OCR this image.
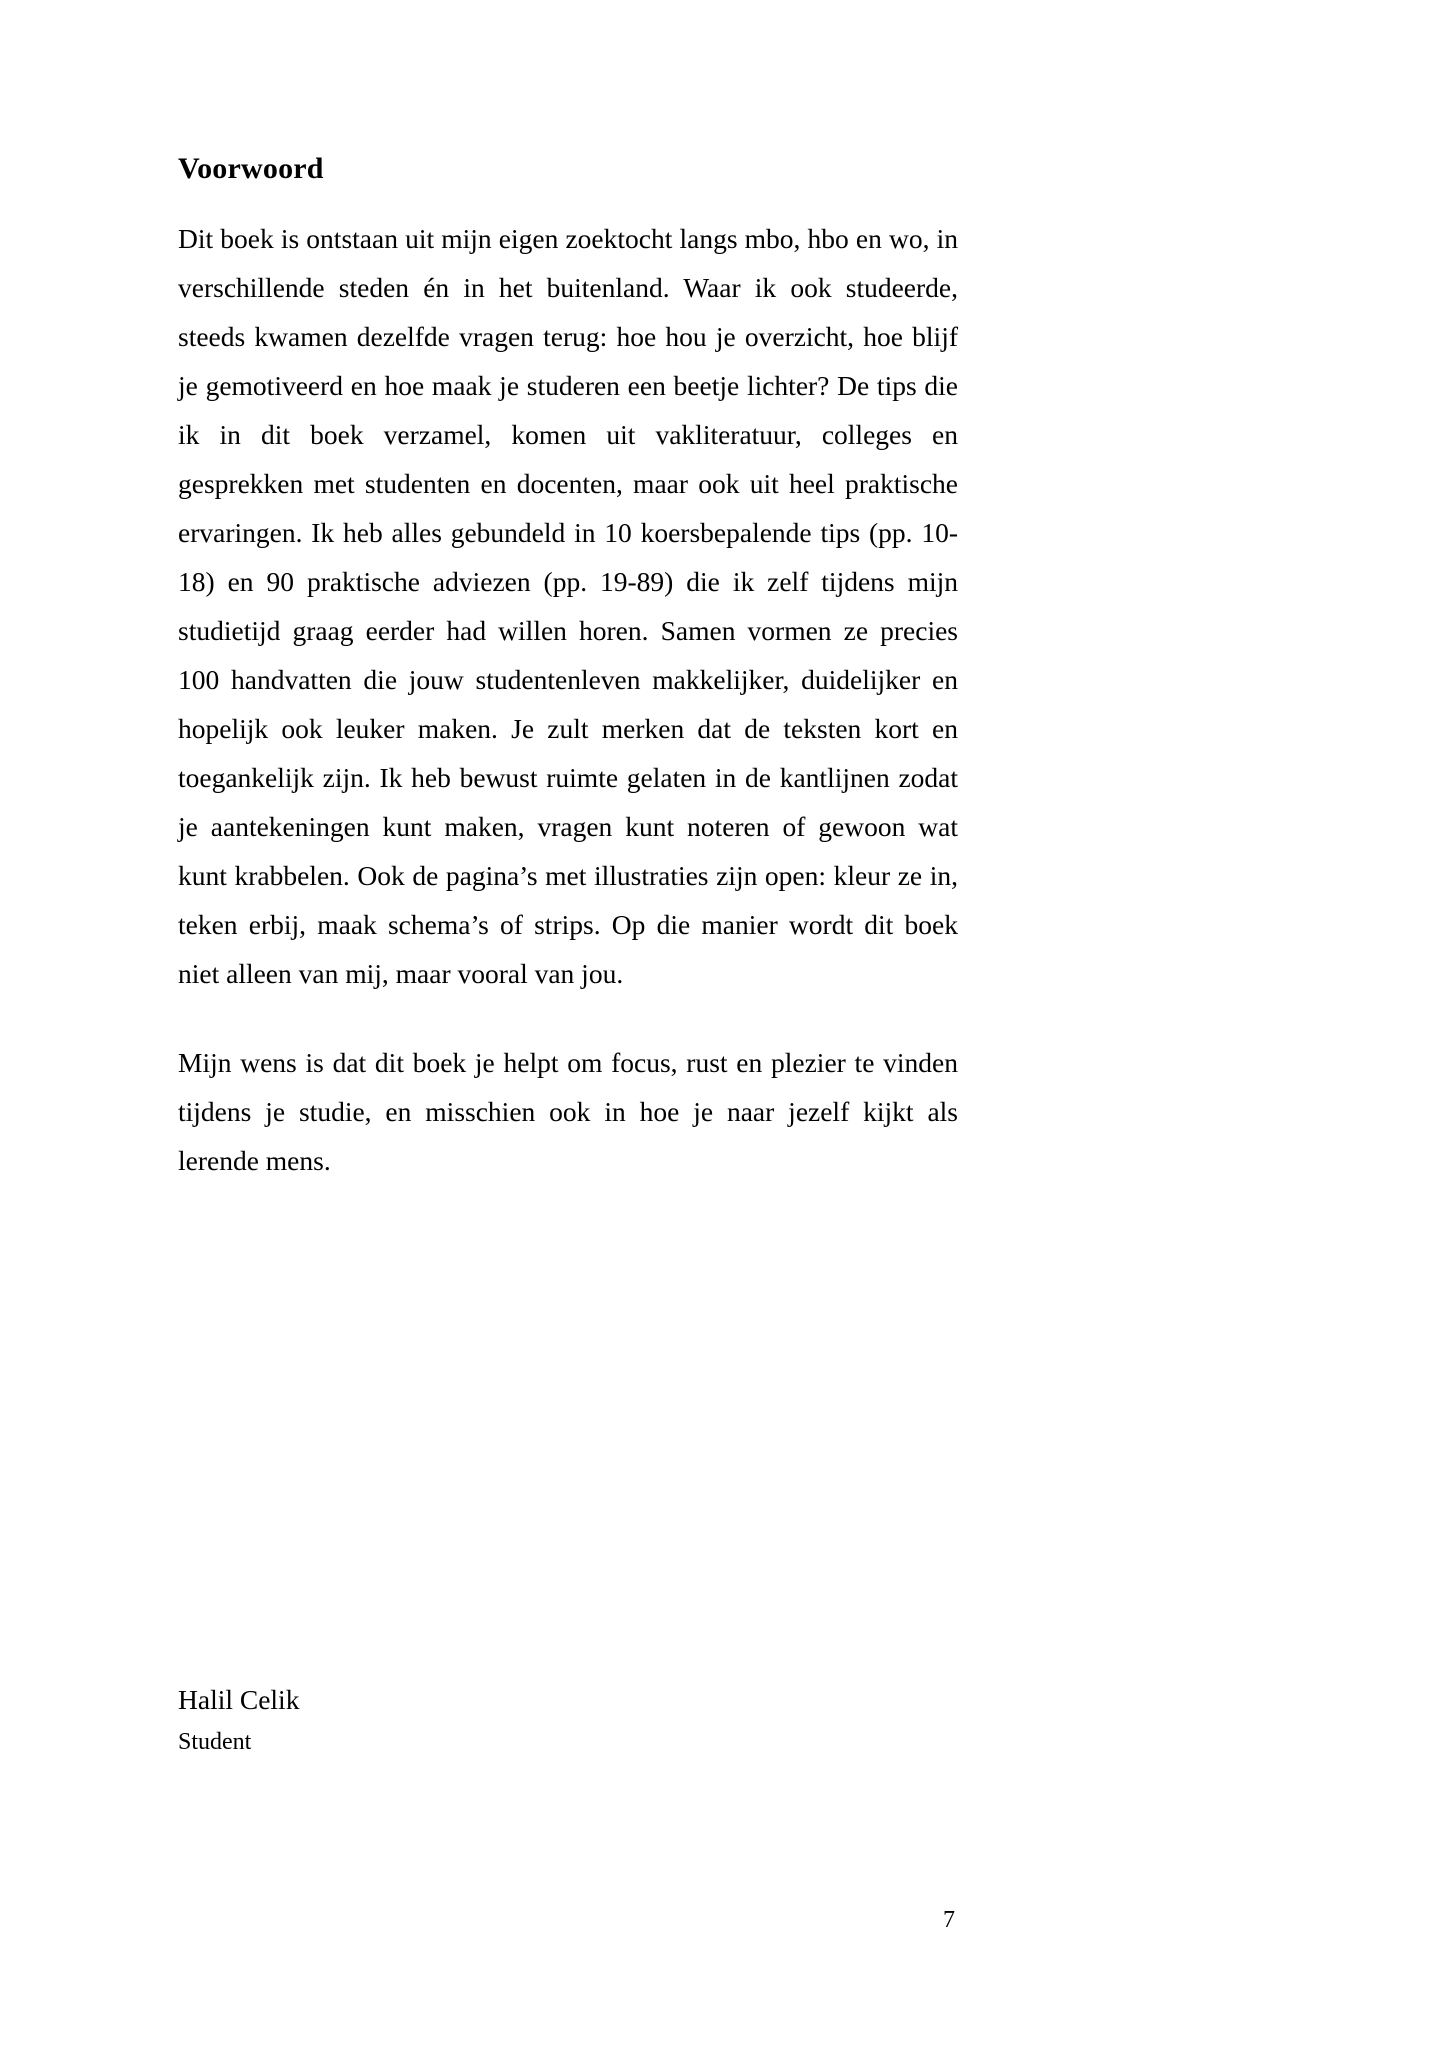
Voorwoord

Dit boek is ontstaan uit mijn eigen zoektocht langs mbo, hbo en wo, in verschillende steden én in het buitenland. Waar ik ook studeerde, steeds kwamen dezelfde vragen terug: hoe hou je overzicht, hoe blijf je gemotiveerd en hoe maak je studeren een beetje lichter? De tips die ik in dit boek verzamel, komen uit vakliteratuur, colleges en gesprekken met studenten en docenten, maar ook uit heel praktische ervaringen. Ik heb alles gebundeld in 10 koersbepalende tips (pp. 10-18) en 90 praktische adviezen (pp. 19-89) die ik zelf tijdens mijn studietijd graag eerder had willen horen. Samen vormen ze precies 100 handvatten die jouw studentenleven makkelijker, duidelijker en hopelijk ook leuker maken. Je zult merken dat de teksten kort en toegankelijk zijn. Ik heb bewust ruimte gelaten in de kantlijnen zodat je aantekeningen kunt maken, vragen kunt noteren of gewoon wat kunt krabbelen. Ook de pagina’s met illustraties zijn open: kleur ze in, teken erbij, maak schema’s of strips. Op die manier wordt dit boek niet alleen van mij, maar vooral van jou.

Mijn wens is dat dit boek je helpt om focus, rust en plezier te vinden tijdens je studie, en misschien ook in hoe je naar jezelf kijkt als lerende mens.

Halil Celik

Student

7
